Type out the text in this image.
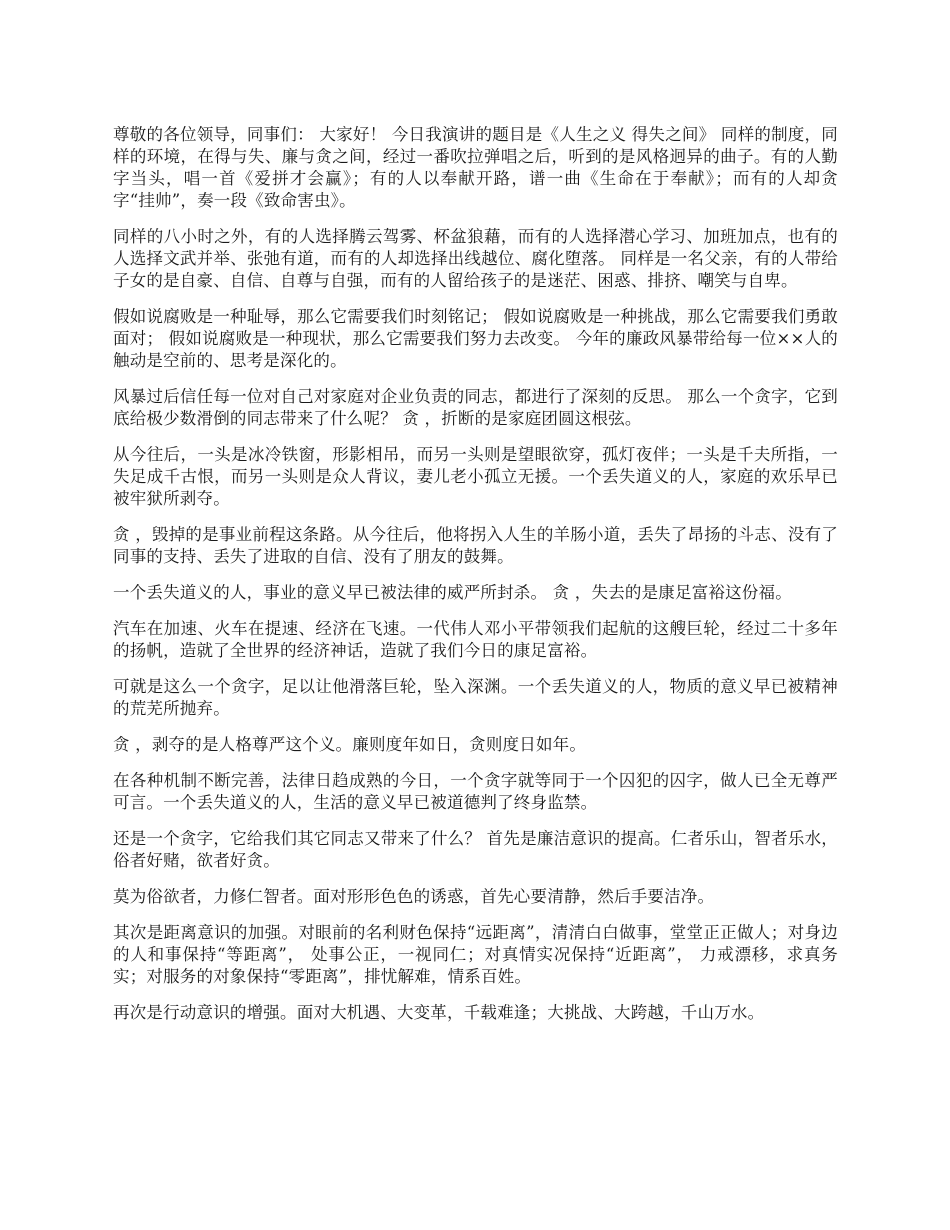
尊敬的各位领导，同事们： 大家好！ 今日我演讲的题目是《人生之义 得失之间》 同样的制度，同样的环境，在得与失、廉与贪之间，经过一番吹拉弹唱之后，听到的是风格迥异的曲子。有的人勤字当头，唱一首《爱拼才会赢》；有的人以奉献开路，谱一曲《生命在于奉献》；而有的人却贪字“挂帅”，奏一段《致命害虫》。

同样的八小时之外，有的人选择腾云驾雾、杯盆狼藉，而有的人选择潜心学习、加班加点，也有的人选择文武并举、张弛有道，而有的人却选择出线越位、腐化堕落。 同样是一名父亲，有的人带给子女的是自豪、自信、自尊与自强，而有的人留给孩子的是迷茫、困惑、排挤、嘲笑与自卑。

假如说腐败是一种耻辱，那么它需要我们时刻铭记； 假如说腐败是一种挑战，那么它需要我们勇敢面对； 假如说腐败是一种现状，那么它需要我们努力去改变。 今年的廉政风暴带给每一位××人的触动是空前的、思考是深化的。

风暴过后信任每一位对自己对家庭对企业负责的同志，都进行了深刻的反思。 那么一个贪字，它到底给极少数滑倒的同志带来了什么呢？ 贪 ，折断的是家庭团圆这根弦。

从今往后，一头是冰冷铁窗，形影相吊，而另一头则是望眼欲穿，孤灯夜伴；一头是千夫所指，一失足成千古恨，而另一头则是众人背议，妻儿老小孤立无援。一个丢失道义的人，家庭的欢乐早已被牢狱所剥夺。

贪 ，毁掉的是事业前程这条路。从今往后，他将拐入人生的羊肠小道，丢失了昂扬的斗志、没有了同事的支持、丢失了进取的自信、没有了朋友的鼓舞。

一个丢失道义的人，事业的意义早已被法律的威严所封杀。 贪 ，失去的是康足富裕这份福。

汽车在加速、火车在提速、经济在飞速。一代伟人邓小平带领我们起航的这艘巨轮，经过二十多年的扬帆，造就了全世界的经济神话，造就了我们今日的康足富裕。

可就是这么一个贪字，足以让他滑落巨轮，坠入深渊。一个丢失道义的人，物质的意义早已被精神的荒芜所抛弃。

贪 ，剥夺的是人格尊严这个义。廉则度年如日，贪则度日如年。

在各种机制不断完善，法律日趋成熟的今日，一个贪字就等同于一个囚犯的囚字，做人已全无尊严可言。一个丢失道义的人，生活的意义早已被道德判了终身监禁。

还是一个贪字，它给我们其它同志又带来了什么？ 首先是廉洁意识的提高。仁者乐山，智者乐水，俗者好赌，欲者好贪。

莫为俗欲者，力修仁智者。面对形形色色的诱惑，首先心要清静，然后手要洁净。

其次是距离意识的加强。对眼前的名利财色保持“远距离”，清清白白做事，堂堂正正做人；对身边的人和事保持“等距离”， 处事公正，一视同仁；对真情实况保持“近距离”， 力戒漂移，求真务实；对服务的对象保持“零距离”，排忧解难，情系百姓。

再次是行动意识的增强。面对大机遇、大变革，千载难逢；大挑战、大跨越，千山万水。
